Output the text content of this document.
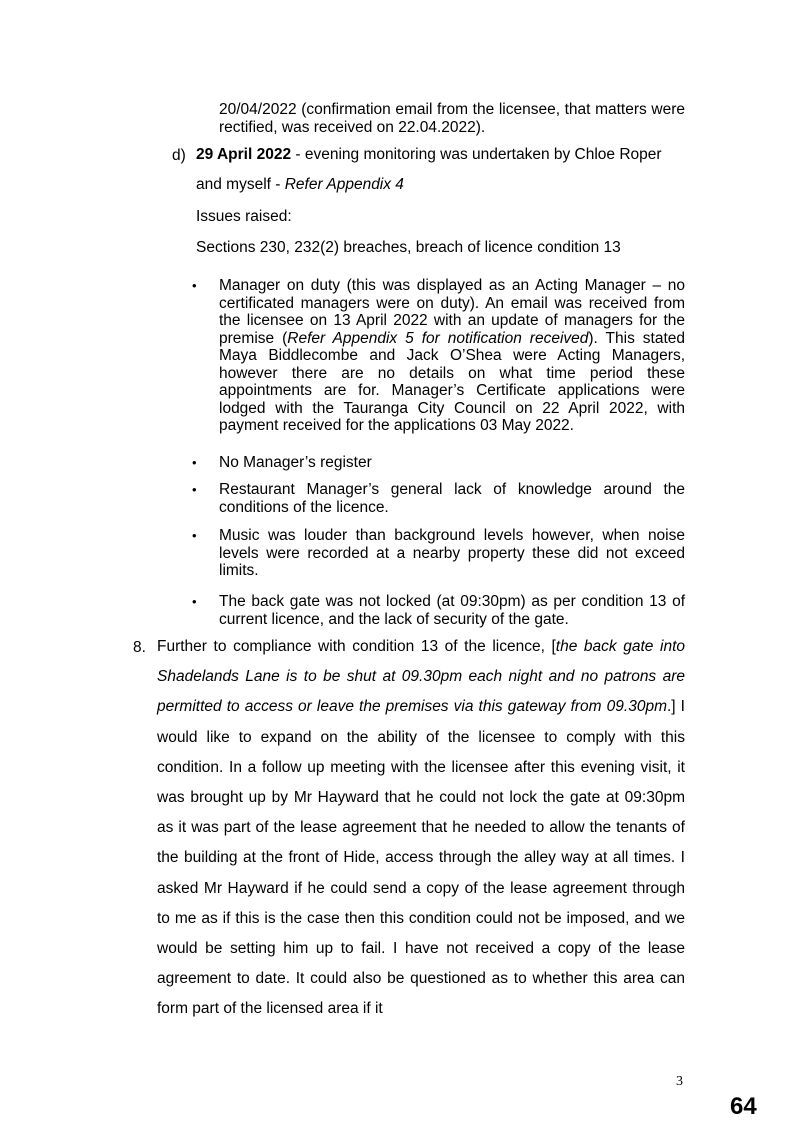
20/04/2022 (confirmation email from the licensee, that matters were rectified, was received on 22.04.2022).
d) 29 April 2022 - evening monitoring was undertaken by Chloe Roper and myself - Refer Appendix 4
Issues raised:
Sections 230, 232(2) breaches, breach of licence condition 13
• Manager on duty (this was displayed as an Acting Manager – no certificated managers were on duty). An email was received from the licensee on 13 April 2022 with an update of managers for the premise (Refer Appendix 5 for notification received). This stated Maya Biddlecombe and Jack O’Shea were Acting Managers, however there are no details on what time period these appointments are for. Manager’s Certificate applications were lodged with the Tauranga City Council on 22 April 2022, with payment received for the applications 03 May 2022.
• No Manager’s register
• Restaurant Manager’s general lack of knowledge around the conditions of the licence.
• Music was louder than background levels however, when noise levels were recorded at a nearby property these did not exceed limits.
• The back gate was not locked (at 09:30pm) as per condition 13 of current licence, and the lack of security of the gate.
8. Further to compliance with condition 13 of the licence, [the back gate into Shadelands Lane is to be shut at 09.30pm each night and no patrons are permitted to access or leave the premises via this gateway from 09.30pm.] I would like to expand on the ability of the licensee to comply with this condition. In a follow up meeting with the licensee after this evening visit, it was brought up by Mr Hayward that he could not lock the gate at 09:30pm as it was part of the lease agreement that he needed to allow the tenants of the building at the front of Hide, access through the alley way at all times. I asked Mr Hayward if he could send a copy of the lease agreement through to me as if this is the case then this condition could not be imposed, and we would be setting him up to fail. I have not received a copy of the lease agreement to date. It could also be questioned as to whether this area can form part of the licensed area if it
3
64
